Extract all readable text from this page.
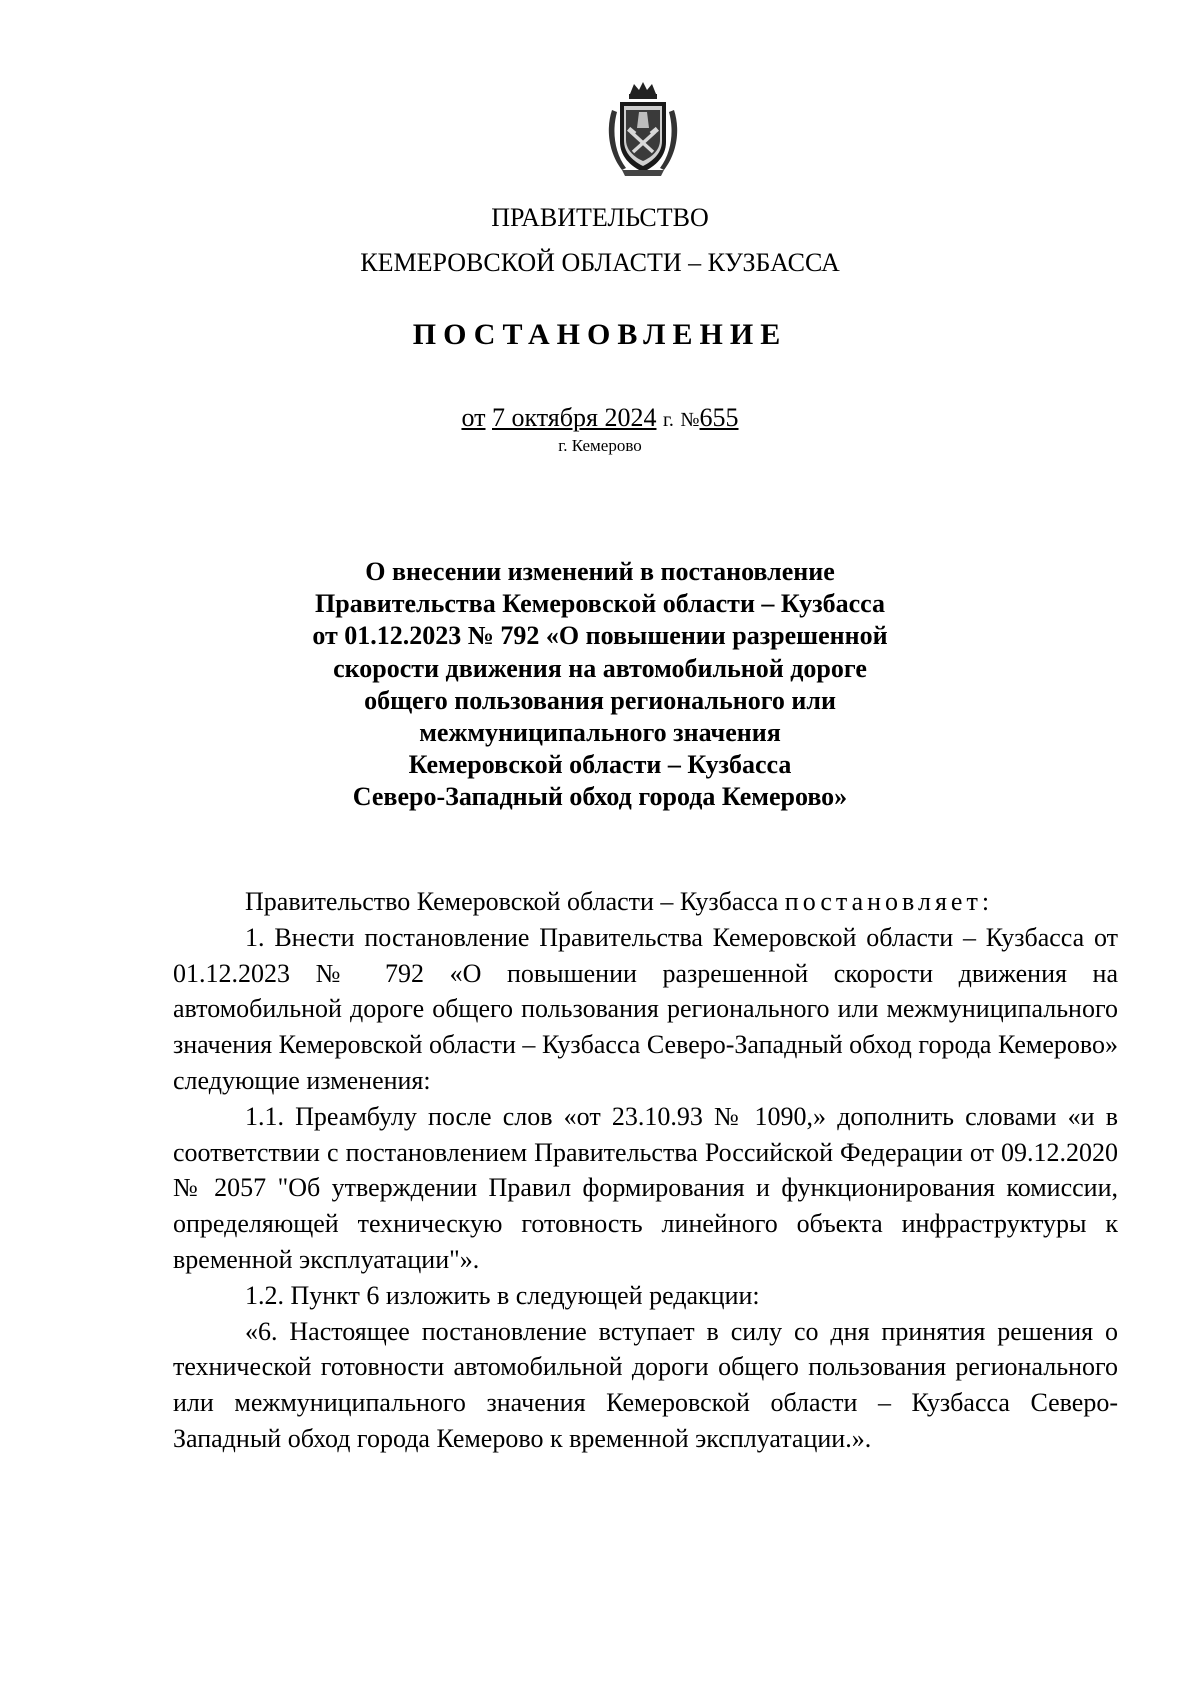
ПРАВИТЕЛЬСТВО
КЕМЕРОВСКОЙ ОБЛАСТИ – КУЗБАССА
ПОСТАНОВЛЕНИЕ
от 7 октября 2024 г. №655
г. Кемерово
О внесении изменений в постановление
Правительства Кемеровской области – Кузбасса
от 01.12.2023 № 792 «О повышении разрешенной
скорости движения на автомобильной дороге
общего пользования регионального или
межмуниципального значения
Кемеровской области – Кузбасса
Северо-Западный обход города Кемерово»

Правительство Кемеровской области – Кузбасса постановляет:

1. Внести постановление Правительства Кемеровской области – Кузбасса от 01.12.2023 № 792 «О повышении разрешенной скорости движения на автомобильной дороге общего пользования регионального или межмуниципального значения Кемеровской области – Кузбасса Северо-Западный обход города Кемерово» следующие изменения:

1.1. Преамбулу после слов «от 23.10.93 № 1090,» дополнить словами «и в соответствии с постановлением Правительства Российской Федерации от 09.12.2020 № 2057 "Об утверждении Правил формирования и функционирования комиссии, определяющей техническую готовность линейного объекта инфраструктуры к временной эксплуатации"».

1.2. Пункт 6 изложить в следующей редакции:

«6. Настоящее постановление вступает в силу со дня принятия решения о технической готовности автомобильной дороги общего пользования регионального или межмуниципального значения Кемеровской области – Кузбасса Северо-Западный обход города Кемерово к временной эксплуатации.».
